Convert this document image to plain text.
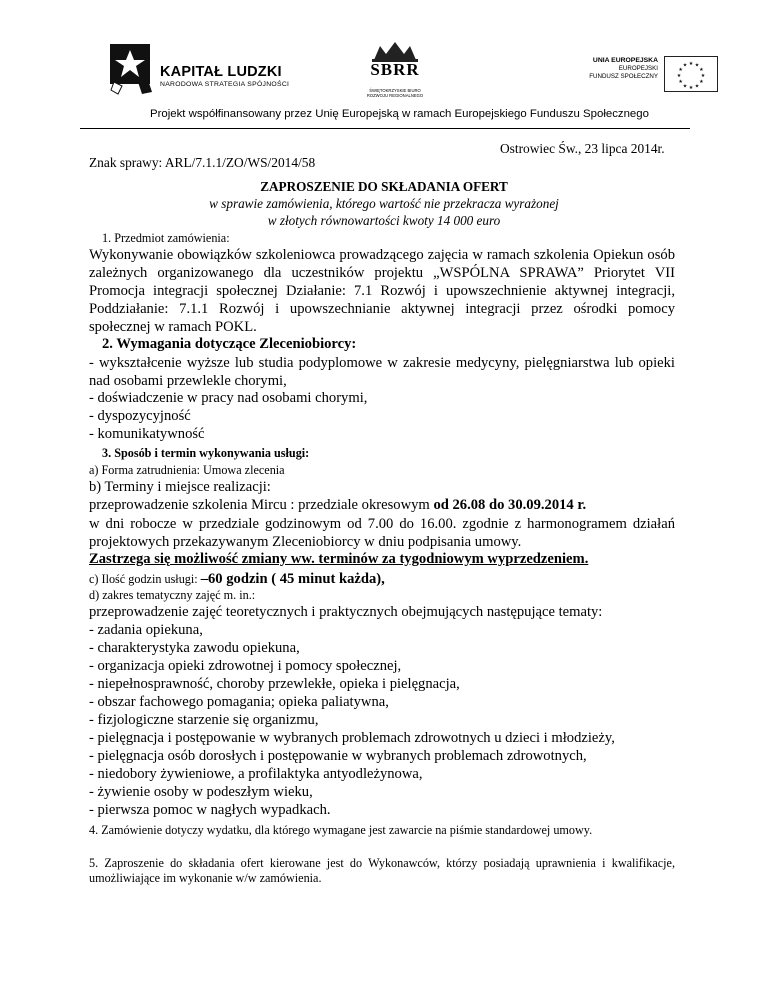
KAPITAŁ LUDZKI
NARODOWA STRATEGIA SPÓJNOŚCI
SBRR
ŚWIĘTOKRZYSKIE BIURO ROZWOJU REGIONALNEGO
UNIA EUROPEJSKA
EUROPEJSKI
FUNDUSZ SPOŁECZNY
★ ★
★
★
★
★
★
★
★
★
★
★
Projekt współfinansowany przez Unię Europejską w ramach Europejskiego Funduszu Społecznego
Ostrowiec Św., 23 lipca 2014r.
Znak sprawy: ARL/7.1.1/ZO/WS/2014/58
ZAPROSZENIE DO SKŁADANIA OFERT
w sprawie zamówienia, którego wartość nie przekracza wyrażonej
w złotych równowartości kwoty 14 000 euro
1. Przedmiot zamówienia:
Wykonywanie obowiązków szkoleniowca prowadzącego zajęcia w ramach szkolenia Opiekun osób zależnych organizowanego dla uczestników projektu „WSPÓLNA SPRAWA” Priorytet VII Promocja integracji społecznej Działanie: 7.1 Rozwój i upowszechnienie aktywnej integracji, Poddziałanie: 7.1.1 Rozwój i upowszechnianie aktywnej integracji przez ośrodki pomocy społecznej w ramach POKL.
2. Wymagania dotyczące Zleceniobiorcy:
- wykształcenie wyższe lub studia podyplomowe w zakresie medycyny, pielęgniarstwa lub opieki nad osobami przewlekle chorymi,
- doświadczenie w pracy nad osobami chorymi,
- dyspozycyjność
- komunikatywność
3. Sposób i termin wykonywania usługi:
a) Forma zatrudnienia: Umowa zlecenia
b) Terminy i miejsce realizacji:
przeprowadzenie szkolenia Mircu : przedziale okresowym od 26.08 do 30.09.2014 r.
w dni robocze w przedziale godzinowym od 7.00 do 16.00. zgodnie z harmonogramem działań projektowych przekazywanym Zleceniobiorcy w dniu podpisania umowy.
Zastrzega się możliwość zmiany ww. terminów za tygodniowym wyprzedzeniem.
c) Ilość godzin usługi: –60 godzin ( 45 minut każda),
d) zakres tematyczny zajęć m. in.:
przeprowadzenie zajęć teoretycznych i praktycznych obejmujących następujące tematy:
- zadania opiekuna,
- charakterystyka zawodu opiekuna,
- organizacja opieki zdrowotnej i pomocy społecznej,
- niepełnosprawność, choroby przewlekłe, opieka i pielęgnacja,
- obszar fachowego pomagania; opieka paliatywna,
- fizjologiczne starzenie się organizmu,
- pielęgnacja i postępowanie w wybranych problemach zdrowotnych u dzieci i młodzieży,
- pielęgnacja osób dorosłych i postępowanie w wybranych problemach zdrowotnych,
- niedobory żywieniowe, a profilaktyka antyodleżynowa,
- żywienie osoby w podeszłym wieku,
- pierwsza pomoc w nagłych wypadkach.
4. Zamówienie dotyczy wydatku, dla którego wymagane jest zawarcie na piśmie standardowej umowy.
5. Zaproszenie do składania ofert kierowane jest do Wykonawców, którzy posiadają uprawnienia i kwalifikacje, umożliwiające im wykonanie w/w zamówienia.
